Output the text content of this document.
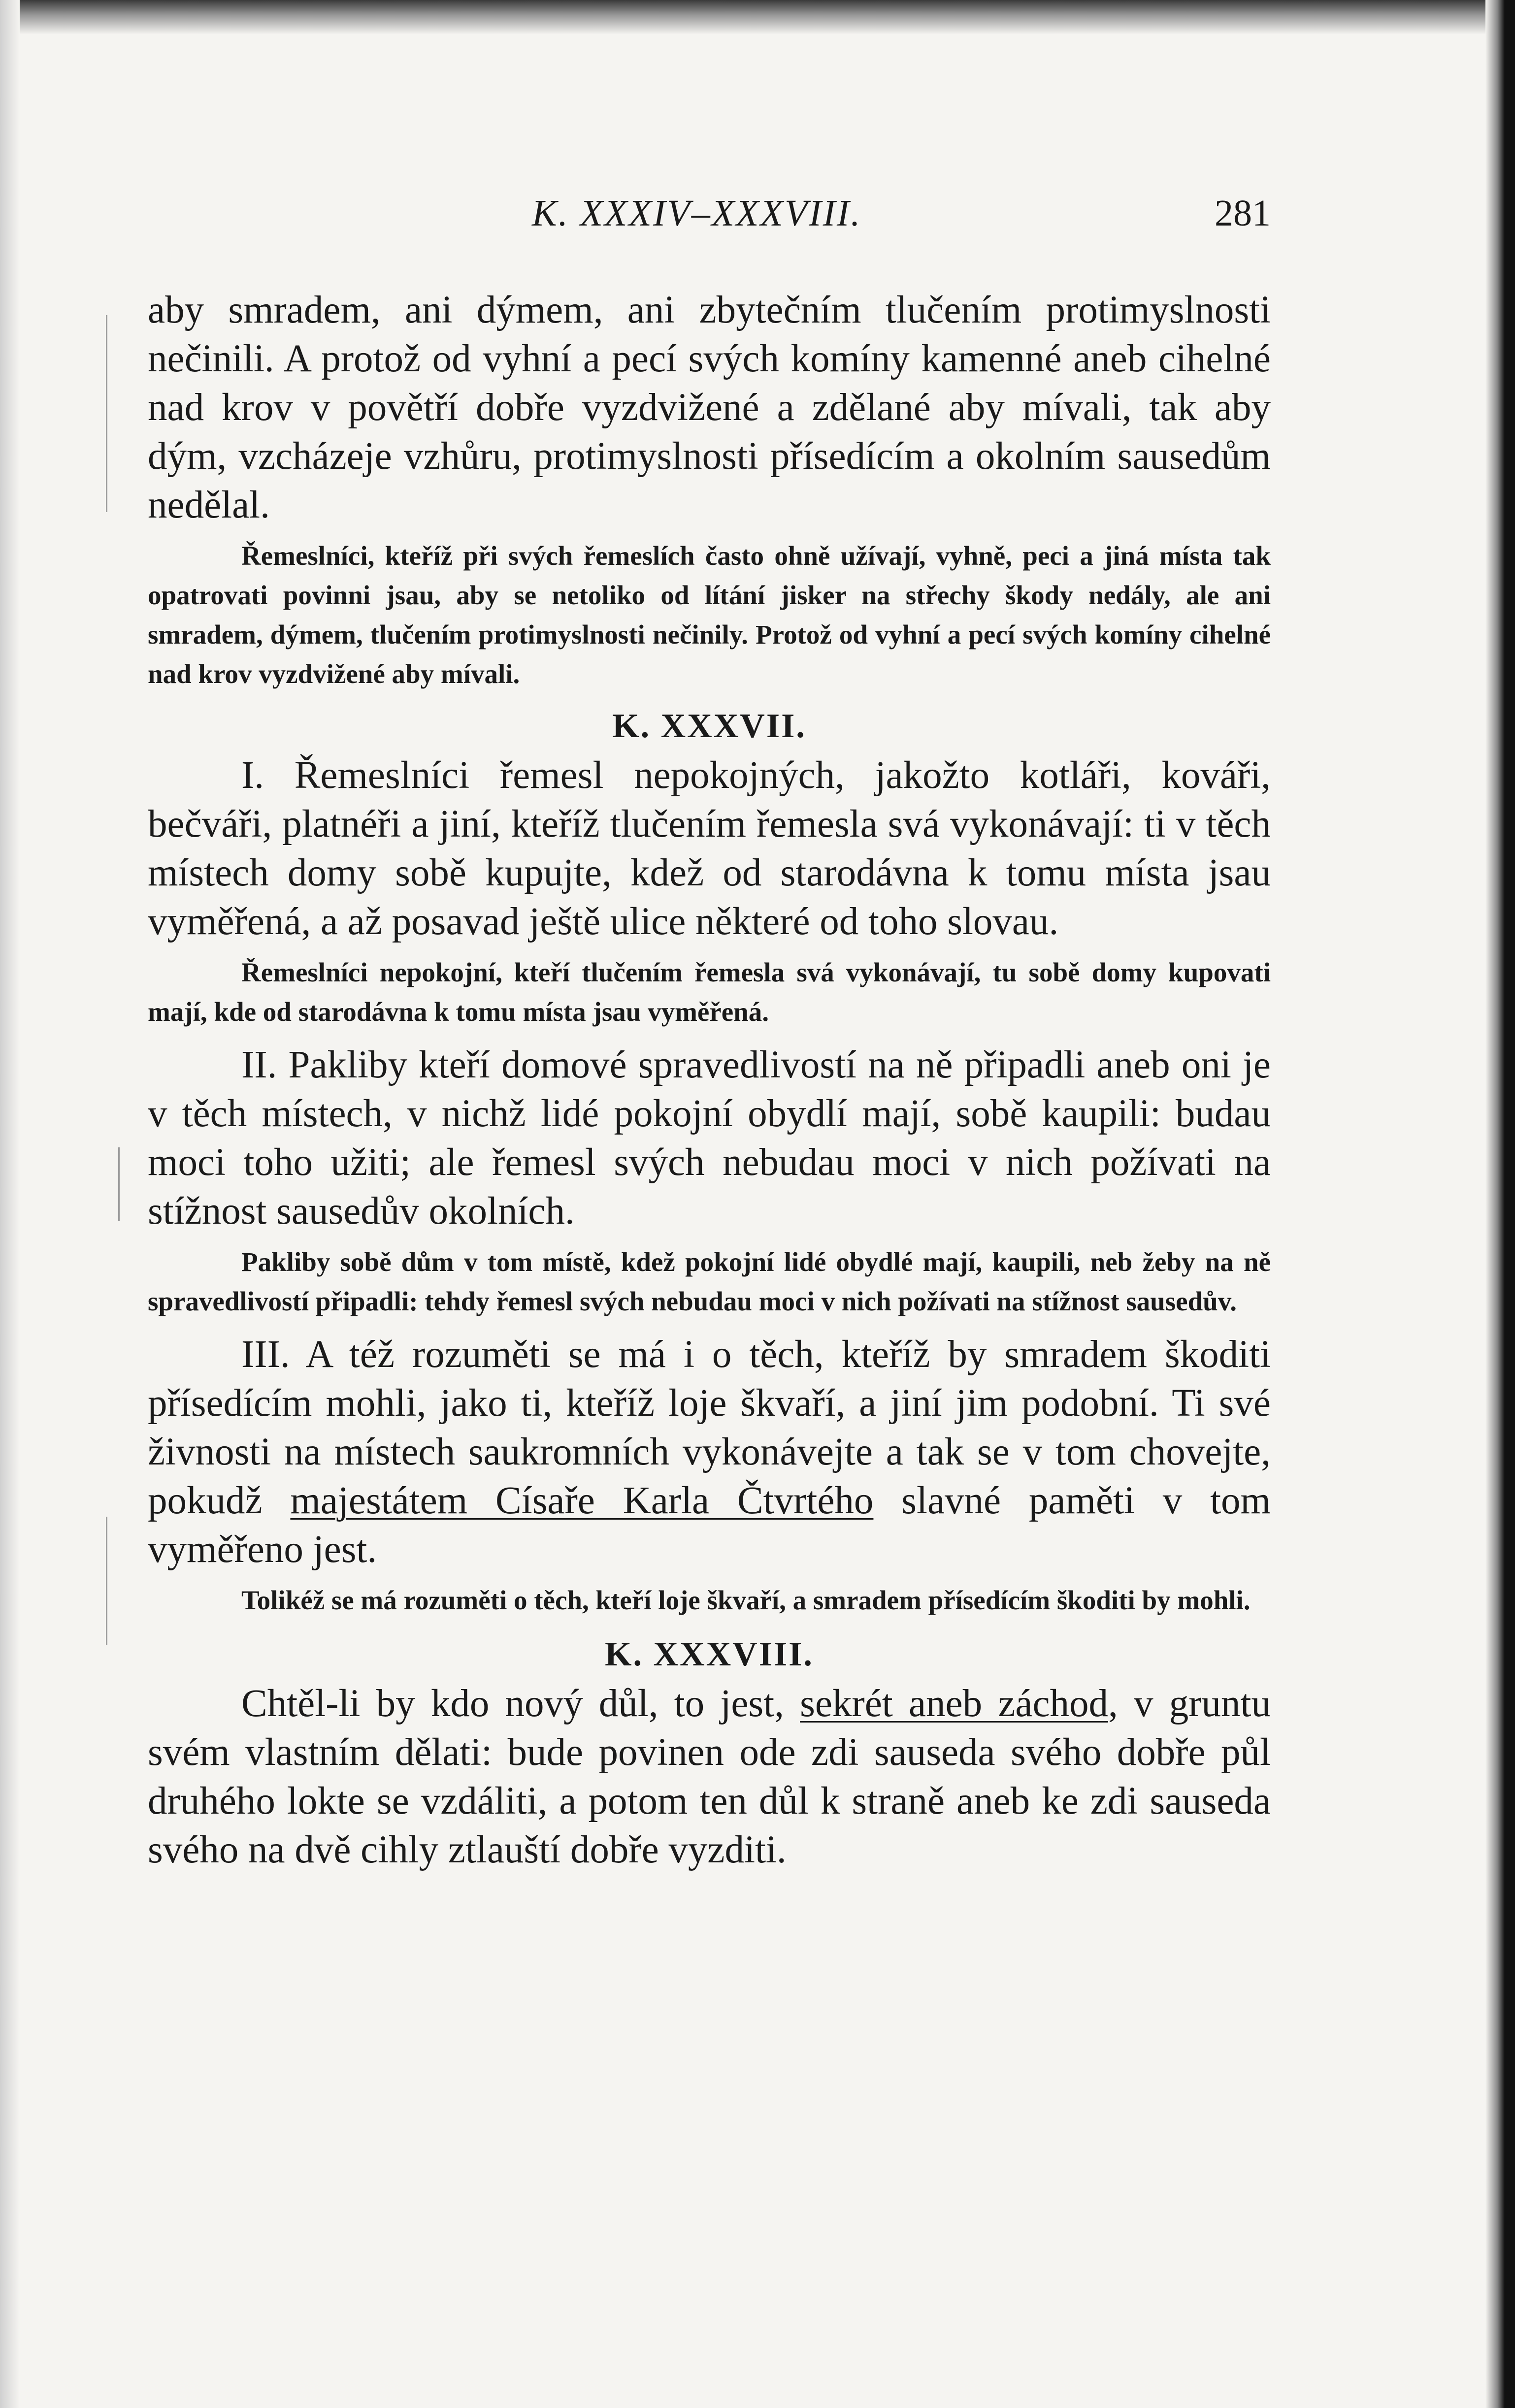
K. XXXIV–XXXVIII.	281

aby smradem, ani dýmem, ani zbytečním tlučením protimyslnosti nečinili. A protož od vyhní a pecí svých komíny kamenné aneb cihelné nad krov v povětří dobře vyzdvižené a zdělané aby mívali, tak aby dým, vzcházeje vzhůru, protimyslnosti přísedícím a okolním sausedům nedělal.

Řemeslníci, kteříž při svých řemeslích často ohně užívají, vyhně, peci a jiná místa tak opatrovati povinni jsau, aby se netoliko od lítání jisker na střechy škody nedály, ale ani smradem, dýmem, tlučením protimyslnosti nečinily. Protož od vyhní a pecí svých komíny cihelné nad krov vyzdvižené aby mívali.

K. XXXVII.

I. Řemeslníci řemesl nepokojných, jakožto kotláři, kováři, bečváři, platnéři a jiní, kteříž tlučením řemesla svá vykonávají: ti v těch místech domy sobě kupujte, kdež od starodávna k tomu místa jsau vyměřená, a až posavad ještě ulice některé od toho slovau.

Řemeslníci nepokojní, kteří tlučením řemesla svá vykonávají, tu sobě domy kupovati mají, kde od starodávna k tomu místa jsau vyměřená.

II. Pakliby kteří domové spravedlivostí na ně připadli aneb oni je v těch místech, v nichž lidé pokojní obydlí mají, sobě kaupili: budau moci toho užiti; ale řemesl svých nebudau moci v nich požívati na stížnost sausedův okolních.

Pakliby sobě dům v tom místě, kdež pokojní lidé obydlé mají, kaupili, neb žeby na ně spravedlivostí připadli: tehdy řemesl svých nebudau moci v nich požívati na stížnost sausedův.

III. A též rozuměti se má i o těch, kteříž by smradem škoditi přísedícím mohli, jako ti, kteříž loje škvaří, a jiní jim podobní. Ti své živnosti na místech saukromních vykonávejte a tak se v tom chovejte, pokudž majestátem Císaře Karla Čtvrtého slavné paměti v tom vyměřeno jest.

Tolikéž se má rozuměti o těch, kteří loje škvaří, a smradem přísedícím škoditi by mohli.

K. XXXVIII.

Chtěl-li by kdo nový důl, to jest, sekrét aneb záchod, v gruntu svém vlastním dělati: bude povinen ode zdi sauseda svého dobře půl druhého lokte se vzdáliti, a potom ten důl k straně aneb ke zdi sauseda svého na dvě cihly ztlauští dobře vyzditi.
